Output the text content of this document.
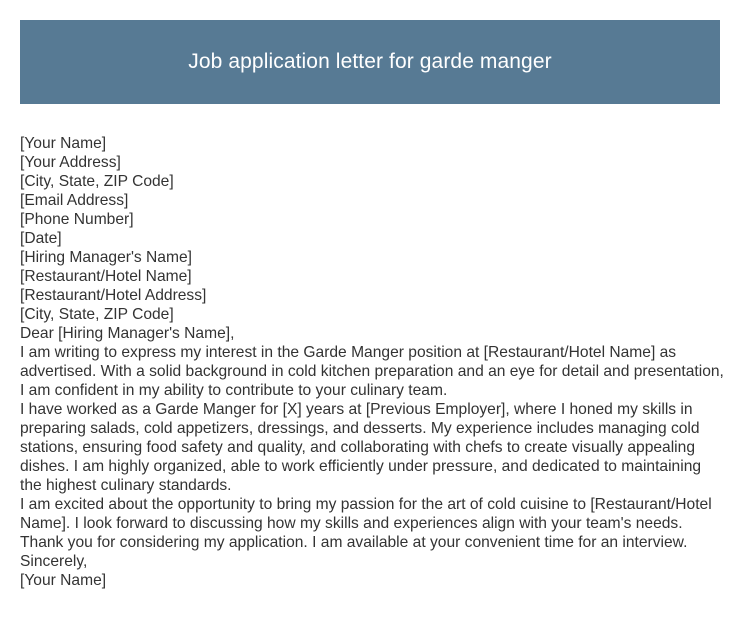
Job application letter for garde manger

[Your Name]

[Your Address]

[City, State, ZIP Code]

[Email Address]

[Phone Number]

[Date]

[Hiring Manager's Name]

[Restaurant/Hotel Name]

[Restaurant/Hotel Address]

[City, State, ZIP Code]

Dear [Hiring Manager's Name],

I am writing to express my interest in the Garde Manger position at [Restaurant/Hotel Name] as advertised. With a solid background in cold kitchen preparation and an eye for detail and presentation, I am confident in my ability to contribute to your culinary team.

I have worked as a Garde Manger for [X] years at [Previous Employer], where I honed my skills in preparing salads, cold appetizers, dressings, and desserts. My experience includes managing cold stations, ensuring food safety and quality, and collaborating with chefs to create visually appealing dishes. I am highly organized, able to work efficiently under pressure, and dedicated to maintaining the highest culinary standards.

I am excited about the opportunity to bring my passion for the art of cold cuisine to [Restaurant/Hotel Name]. I look forward to discussing how my skills and experiences align with your team's needs.

Thank you for considering my application. I am available at your convenient time for an interview.

Sincerely,

[Your Name]
